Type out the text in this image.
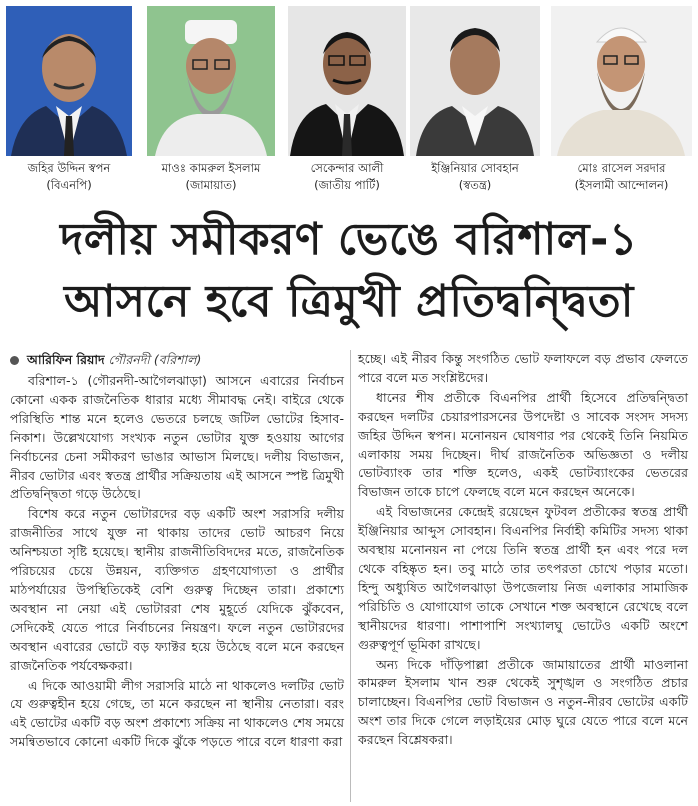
জহির উদ্দিন স্বপন
(বিএনপি)
মাওঃ কামরুল ইসলাম
(জামায়াত)
সেকেন্দার আলী
(জাতীয় পার্টি)
ইঞ্জিনিয়ার সোবহান
(স্বতন্ত্র)
মোঃ রাসেল সরদার
(ইসলামী আন্দোলন)
দলীয় সমীকরণ ভেঙে বরিশাল-১
আসনে হবে ত্রিমুখী প্রতিদ্বন্দ্বিতা
আরিফিন রিয়াদ গৌরনদী (বরিশাল)

বরিশাল-১ (গৌরনদী-আগৈলঝাড়া) আসনে এবারের নির্বাচন কোনো একক রাজনৈতিক ধারার মধ্যে সীমাবদ্ধ নেই। বাইরে থেকে পরিস্থিতি শান্ত মনে হলেও ভেতরে চলছে জটিল ভোটের হিসাব-নিকাশ। উল্লেখযোগ্য সংখ্যক নতুন ভোটার যুক্ত হওয়ায় আগের নির্বাচনের চেনা সমীকরণ ভাঙার আভাস মিলছে। দলীয় বিভাজন, নীরব ভোটার এবং স্বতন্ত্র প্রার্থীর সক্রিয়তায় এই আসনে স্পষ্ট ত্রিমুখী প্রতিদ্বন্দ্বিতা গড়ে উঠেছে।

বিশেষ করে নতুন ভোটারদের বড় একটি অংশ সরাসরি দলীয় রাজনীতির সাথে যুক্ত না থাকায় তাদের ভোট আচরণ নিয়ে অনিশ্চয়তা সৃষ্টি হয়েছে। স্থানীয় রাজনীতিবিদদের মতে, রাজনৈতিক পরিচয়ের চেয়ে উন্নয়ন, ব্যক্তিগত গ্রহণযোগ্যতা ও প্রার্থীর মাঠপর্যায়ের উপস্থিতিকেই বেশি গুরুত্ব দিচ্ছেন তারা। প্রকাশ্যে অবস্থান না নেয়া এই ভোটাররা শেষ মুহূর্তে যেদিকে ঝুঁকবেন, সেদিকেই যেতে পারে নির্বাচনের নিয়ন্ত্রণ। ফলে নতুন ভোটারদের অবস্থান এবারের ভোটে বড় ফ্যাক্টর হয়ে উঠেছে বলে মনে করছেন রাজনৈতিক পর্যবেক্ষকরা।

এ দিকে আওয়ামী লীগ সরাসরি মাঠে না থাকলেও দলটির ভোট যে গুরুত্বহীন হয়ে গেছে, তা মনে করছেন না স্থানীয় নেতারা। বরং এই ভোটের একটি বড় অংশ প্রকাশ্যে সক্রিয় না থাকলেও শেষ সময়ে সমন্বিতভাবে কোনো একটি দিকে ঝুঁকে পড়তে পারে বলে ধারণা করা

হচ্ছে। এই নীরব কিন্তু সংগঠিত ভোট ফলাফলে বড় প্রভাব ফেলতে পারে বলে মত সংশ্লিষ্টদের।

ধানের শীষ প্রতীকে বিএনপির প্রার্থী হিসেবে প্রতিদ্বন্দ্বিতা করছেন দলটির চেয়ারপারসনের উপদেষ্টা ও সাবেক সংসদ সদস্য জহির উদ্দিন স্বপন। মনোনয়ন ঘোষণার পর থেকেই তিনি নিয়মিত এলাকায় সময় দিচ্ছেন। দীর্ঘ রাজনৈতিক অভিজ্ঞতা ও দলীয় ভোটব্যাংক তার শক্তি হলেও, একই ভোটব্যাংকের ভেতরের বিভাজন তাকে চাপে ফেলছে বলে মনে করছেন অনেকে।

এই বিভাজনের কেন্দ্রেই রয়েছেন ফুটবল প্রতীকের স্বতন্ত্র প্রার্থী ইঞ্জিনিয়ার আব্দুস সোবহান। বিএনপির নির্বাহী কমিটির সদস্য থাকা অবস্থায় মনোনয়ন না পেয়ে তিনি স্বতন্ত্র প্রার্থী হন এবং পরে দল থেকে বহিষ্কৃত হন। তবু মাঠে তার তৎপরতা চোখে পড়ার মতো। হিন্দু অধ্যুষিত আগৈলঝাড়া উপজেলায় নিজ এলাকার সামাজিক পরিচিতি ও যোগাযোগ তাকে সেখানে শক্ত অবস্থানে রেখেছে বলে স্থানীয়দের ধারণা। পাশাপাশি সংখ্যালঘু ভোটেও একটি অংশে গুরুত্বপূর্ণ ভূমিকা রাখছে।

অন্য দিকে দাঁড়িপাল্লা প্রতীকে জামায়াতের প্রার্থী মাওলানা কামরুল ইসলাম খান শুরু থেকেই সুশৃঙ্খল ও সংগঠিত প্রচার চালাচ্ছেন। বিএনপির ভোট বিভাজন ও নতুন-নীরব ভোটের একটি অংশ তার দিকে গেলে লড়াইয়ের মোড় ঘুরে যেতে পারে বলে মনে করছেন বিশ্লেষকরা।
